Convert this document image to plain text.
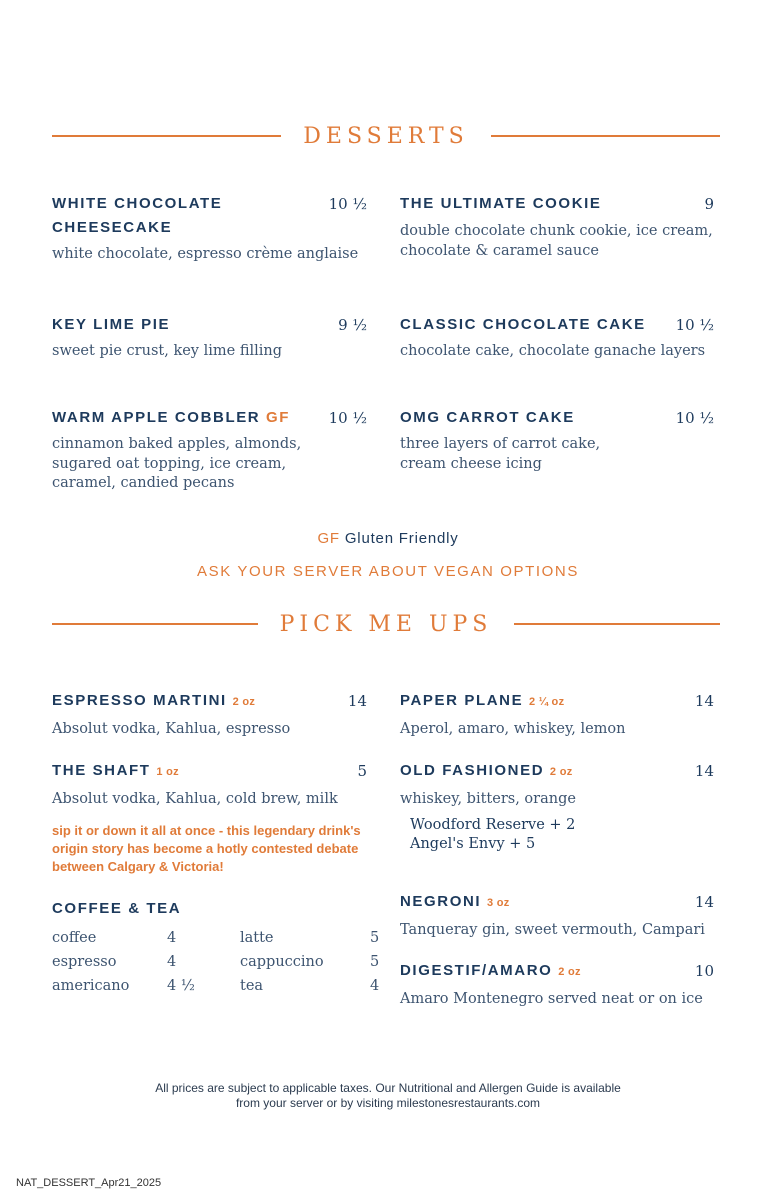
DESSERTS
WHITE CHOCOLATE
CHEESECAKE
white chocolate, espresso crème anglaise
10 ½ THE ULTIMATE COOKIE
double chocolate chunk cookie, ice cream,
chocolate & caramel sauce
9
KEY LIME PIE
sweet pie crust, key lime filling
9 ½ CLASSIC CHOCOLATE CAKE
chocolate cake, chocolate ganache layers
10 ½
WARM APPLE COBBLER GF
cinnamon baked apples, almonds,
sugared oat topping, ice cream,
caramel, candied pecans
10 ½ OMG CARROT CAKE
three layers of carrot cake,
cream cheese icing
10 ½
GF Gluten Friendly
ASK YOUR SERVER ABOUT VEGAN OPTIONS
PICK ME UPS
ESPRESSO MARTINI 2 oz
Absolut vodka, Kahlua, espresso
14
THE SHAFT 1 oz
Absolut vodka, Kahlua, cold brew, milk
5
sip it or down it all at once - this legendary drink's
origin story has become a hotly contested debate
between Calgary & Victoria!
COFFEE & TEA
coffee	4	latte	5
espresso	4	cappuccino	5
americano	4 ½	tea	4
PAPER PLANE 2 ¼ oz
Aperol, amaro, whiskey, lemon
14
OLD FASHIONED 2 oz
whiskey, bitters, orange
Woodford Reserve + 2
Angel's Envy + 5
14
NEGRONI 3 oz
Tanqueray gin, sweet vermouth, Campari
14
DIGESTIF/AMARO 2 oz
Amaro Montenegro served neat or on ice
10
All prices are subject to applicable taxes. Our Nutritional and Allergen Guide is available
from your server or by visiting milestonesrestaurants.com
NAT_DESSERT_Apr21_2025
